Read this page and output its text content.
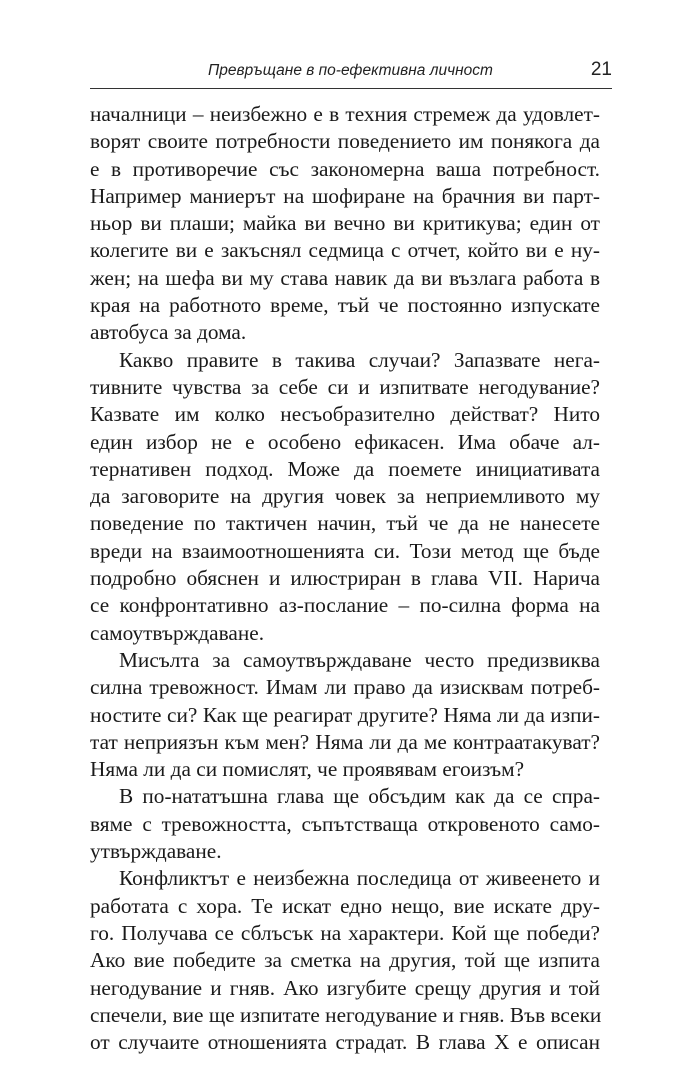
Превръщане в по-ефективна личност	21
началници – неизбежно е в техния стремеж да удовлет-
ворят своите потребности поведението им понякога да
е в противоречие със закономерна ваша потребност.
Например маниерът на шофиране на брачния ви парт-
ньор ви плаши; майка ви вечно ви критикува; един от
колегите ви е закъснял седмица с отчет, който ви е ну-
жен; на шефа ви му става навик да ви възлага работа в
края на работното време, тъй че постоянно изпускате
автобуса за дома.
Какво правите в такива случаи? Запазвате нега-
тивните чувства за себе си и изпитвате негодувание?
Казвате им колко несъобразително действат? Нито
един избор не е особено ефикасен. Има обаче ал-
тернативен подход. Може да поемете инициативата
да заговорите на другия човек за неприемливото му
поведение по тактичен начин, тъй че да не нанесете
вреди на взаимоотношенията си. Този метод ще бъде
подробно обяснен и илюстриран в глава VII. Нарича
се конфронтативно аз-послание – по-силна форма на
самоутвърждаване.
Мисълта за самоутвърждаване често предизвиква
силна тревожност. Имам ли право да изисквам потреб-
ностите си? Как ще реагират другите? Няма ли да изпи-
тат неприязън към мен? Няма ли да ме контраатакуват?
Няма ли да си помислят, че проявявам егоизъм?
В по-нататъшна глава ще обсъдим как да се спра-
вяме с тревожността, съпътстваща откровеното само-
утвърждаване.
Конфликтът е неизбежна последица от живеенето и
работата с хора. Те искат едно нещо, вие искате дру-
го. Получава се сблъсък на характери. Кой ще победи?
Ако вие победите за сметка на другия, той ще изпита
негодувание и гняв. Ако изгубите срещу другия и той
спечели, вие ще изпитате негодувание и гняв. Във всеки
от случаите отношенията страдат. В глава X е описан
